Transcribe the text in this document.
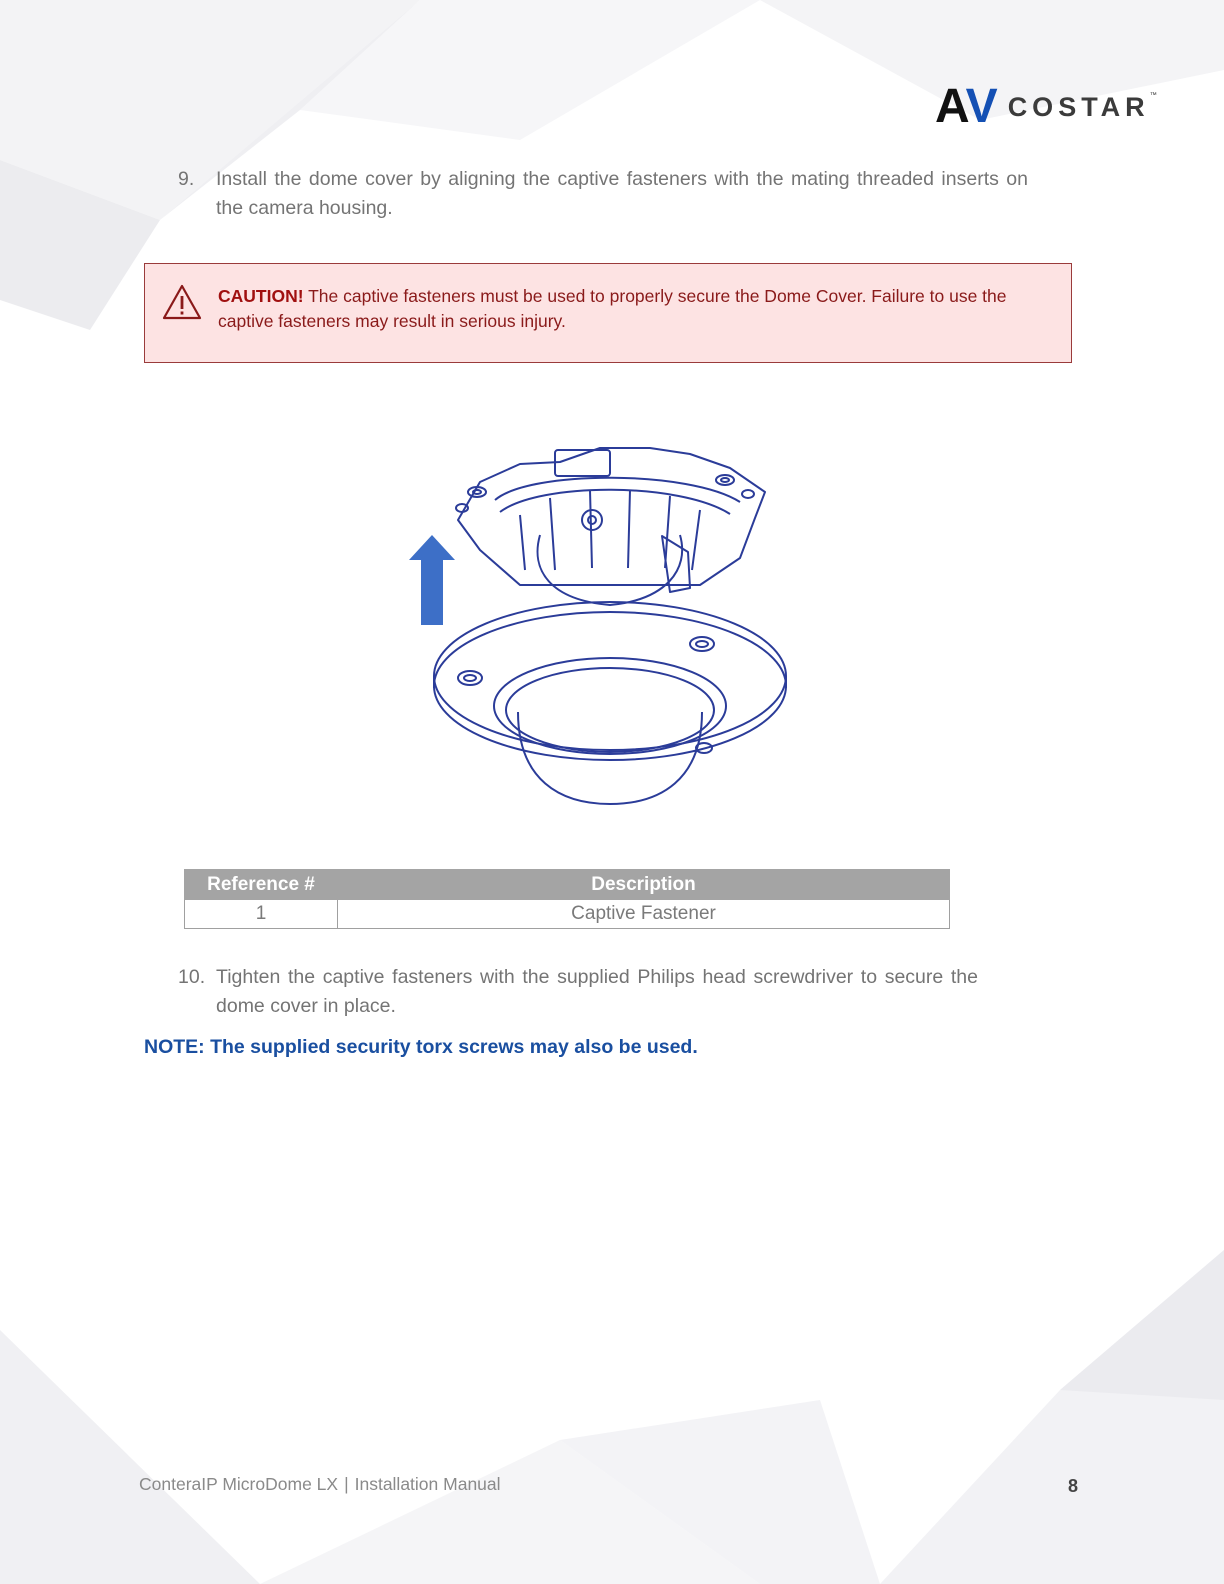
A V COSTAR ™
9. Install the dome cover by aligning the captive fasteners with the mating threaded inserts on
the camera housing.
CAUTION! The captive fasteners must be used to properly secure the Dome Cover. Failure to use the captive fasteners may result in serious injury.
Reference #	Description
1	Captive Fastener
10. Tighten the captive fasteners with the supplied Philips head screwdriver to secure the
dome cover in place.
NOTE: The supplied security torx screws may also be used.
ConteraIP MicroDome LX | Installation Manual	8
